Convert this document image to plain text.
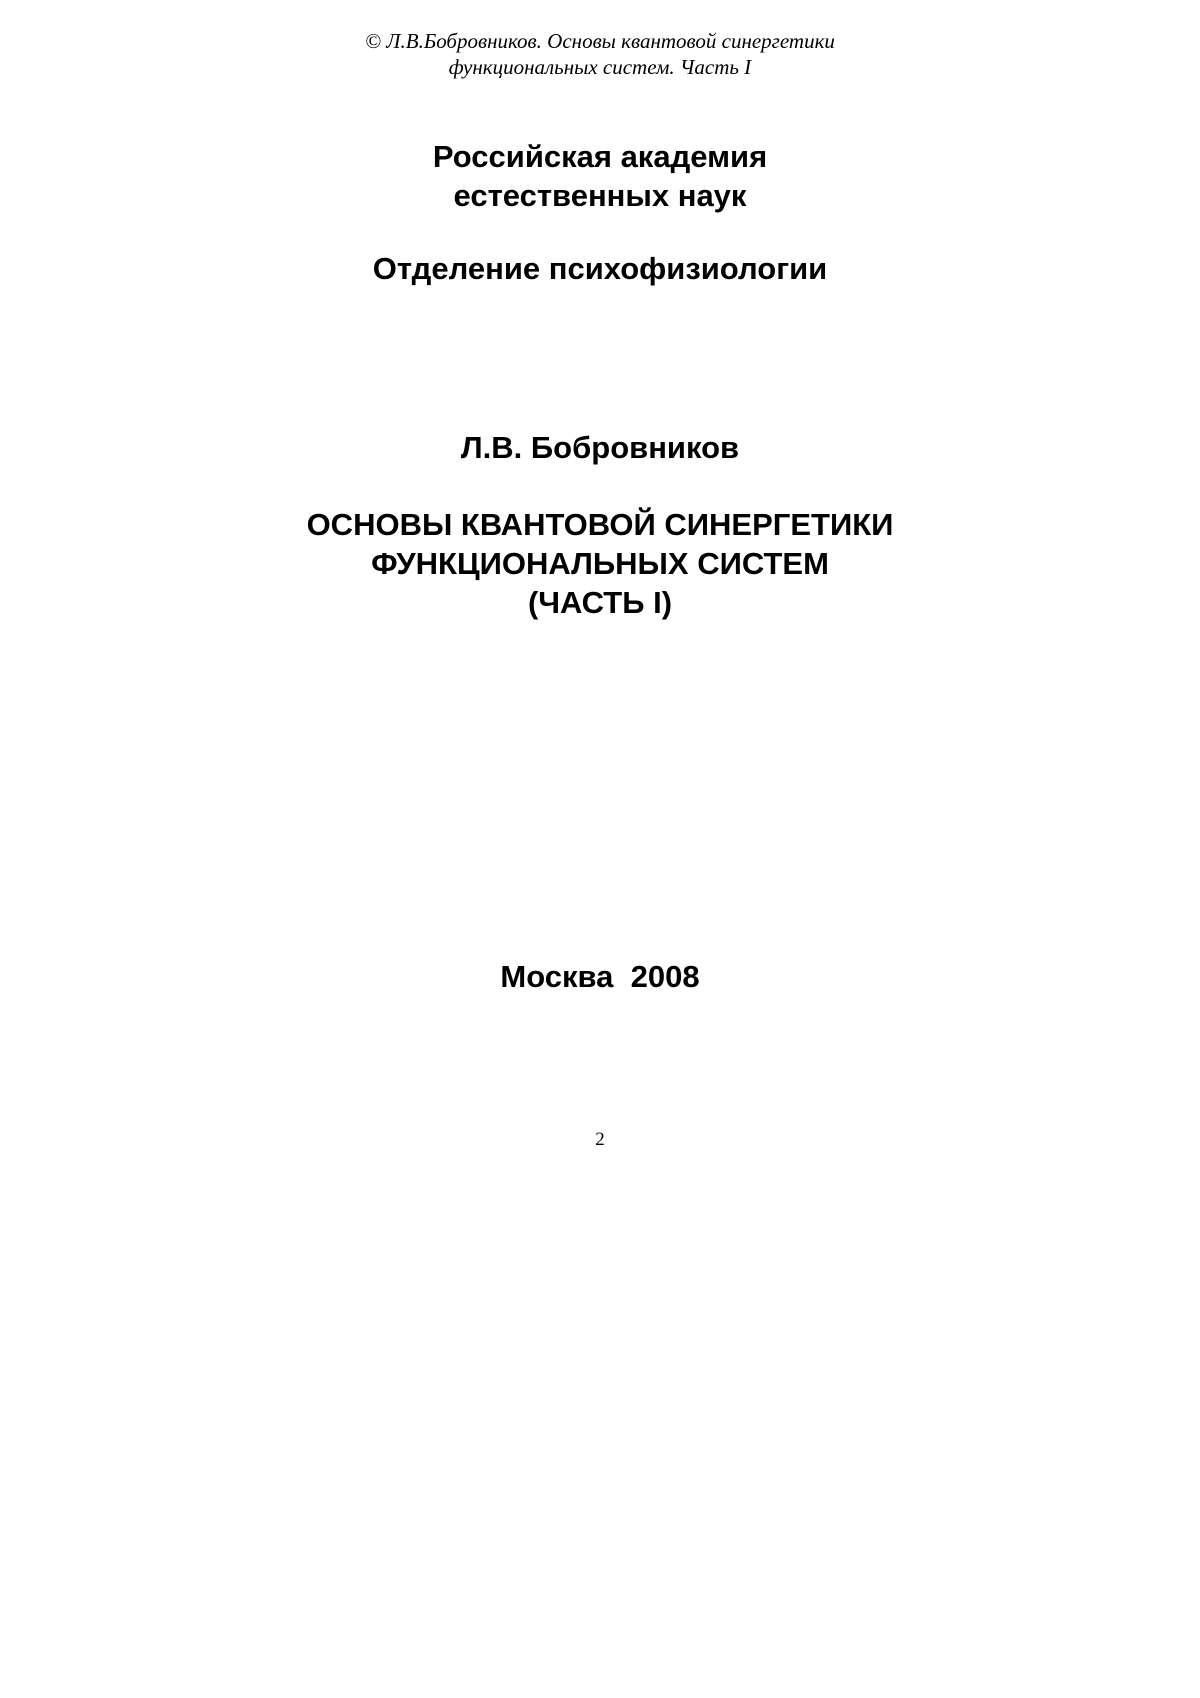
© Л.В.Бобровников. Основы квантовой синергетики
функциональных систем. Часть I
Российская академия
естественных наук
Отделение психофизиологии
Л.В. Бобровников
ОСНОВЫ КВАНТОВОЙ СИНЕРГЕТИКИ
ФУНКЦИОНАЛЬНЫХ СИСТЕМ
(ЧАСТЬ I)
Москва  2008
2
